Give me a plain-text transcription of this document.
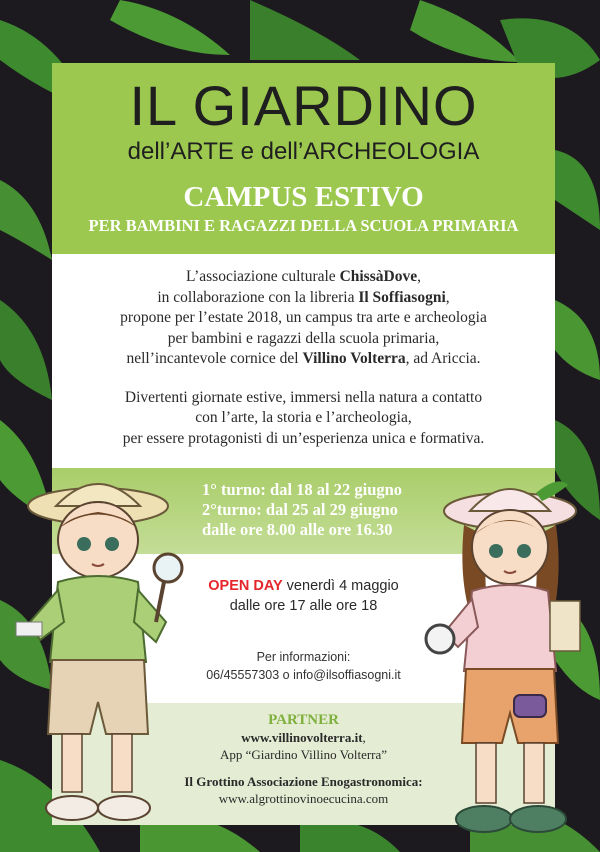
IL GIARDINO
dell’ARTE e dell’ARCHEOLOGIA
CAMPUS ESTIVO
PER BAMBINI E RAGAZZI DELLA SCUOLA PRIMARIA

L’associazione culturale ChissàDove,

in collaborazione con la libreria Il Soffiasogni,

propone per l’estate 2018, un campus tra arte e archeologia

per bambini e ragazzi della scuola primaria,

nell’incantevole cornice del Villino Volterra, ad Ariccia.

Divertenti giornate estive, immersi nella natura a contatto

con l’arte, la storia e l’archeologia,

per essere protagonisti di un’esperienza unica e formativa.

1° turno: dal 18 al 22 giugno
2°turno: dal 25 al 29 giugno
dalle ore 8.00 alle ore 16.30
OPEN DAY venerdì 4 maggio
dalle ore 17 alle ore 18
Per informazioni:
06/45557303 o info@ilsoffiasogni.it
PARTNER
www.villinovolterra.it,
App “Giardino Villino Volterra”
Il Grottino Associazione Enogastronomica:
www.algrottinovinoecucina.com
